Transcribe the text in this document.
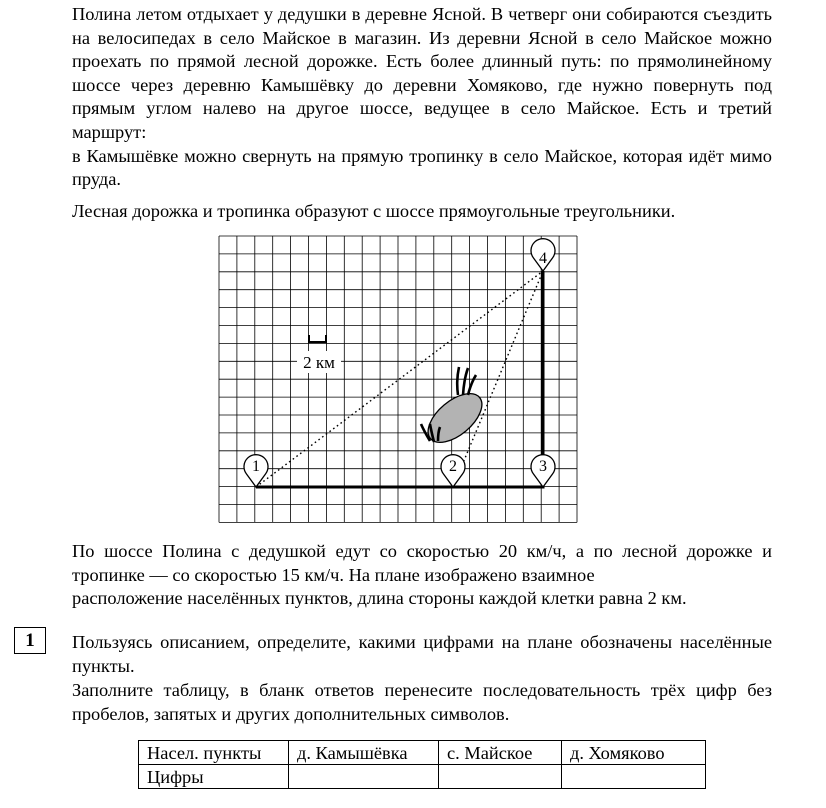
Полина летом отдыхает у дедушки в деревне Ясной. В четверг они собираются съездить на велосипедах в село Майское в магазин. Из деревни Ясной в село Майское можно проехать по прямой лесной дорожке. Есть более длинный путь: по прямолинейному шоссе через деревню Камышёвку до деревни Хомяково, где нужно повернуть под прямым углом налево на другое шоссе, ведущее в село Майское. Есть и третий маршрут:
в Камышёвке можно свернуть на прямую тропинку в село Майское, которая идёт мимо пруда.

Лесная дорожка и тропинка образуют с шоссе прямоугольные треугольники.

2 км
1	2	3
4

По шоссе Полина с дедушкой едут со скоростью 20 км/ч, а по лесной дорожке и тропинке — со скоростью 15 км/ч. На плане изображено взаимное
расположение населённых пунктов, длина стороны каждой клетки равна 2 км.

1 Пользуясь описанием, определите, какими цифрами на плане обозначены населённые пункты.

Заполните таблицу, в бланк ответов перенесите последовательность трёх цифр без пробелов, запятых и других дополнительных символов.

Насел. пункты	д. Камышёвка	с. Майское	д. Хомяково
Цифры			
